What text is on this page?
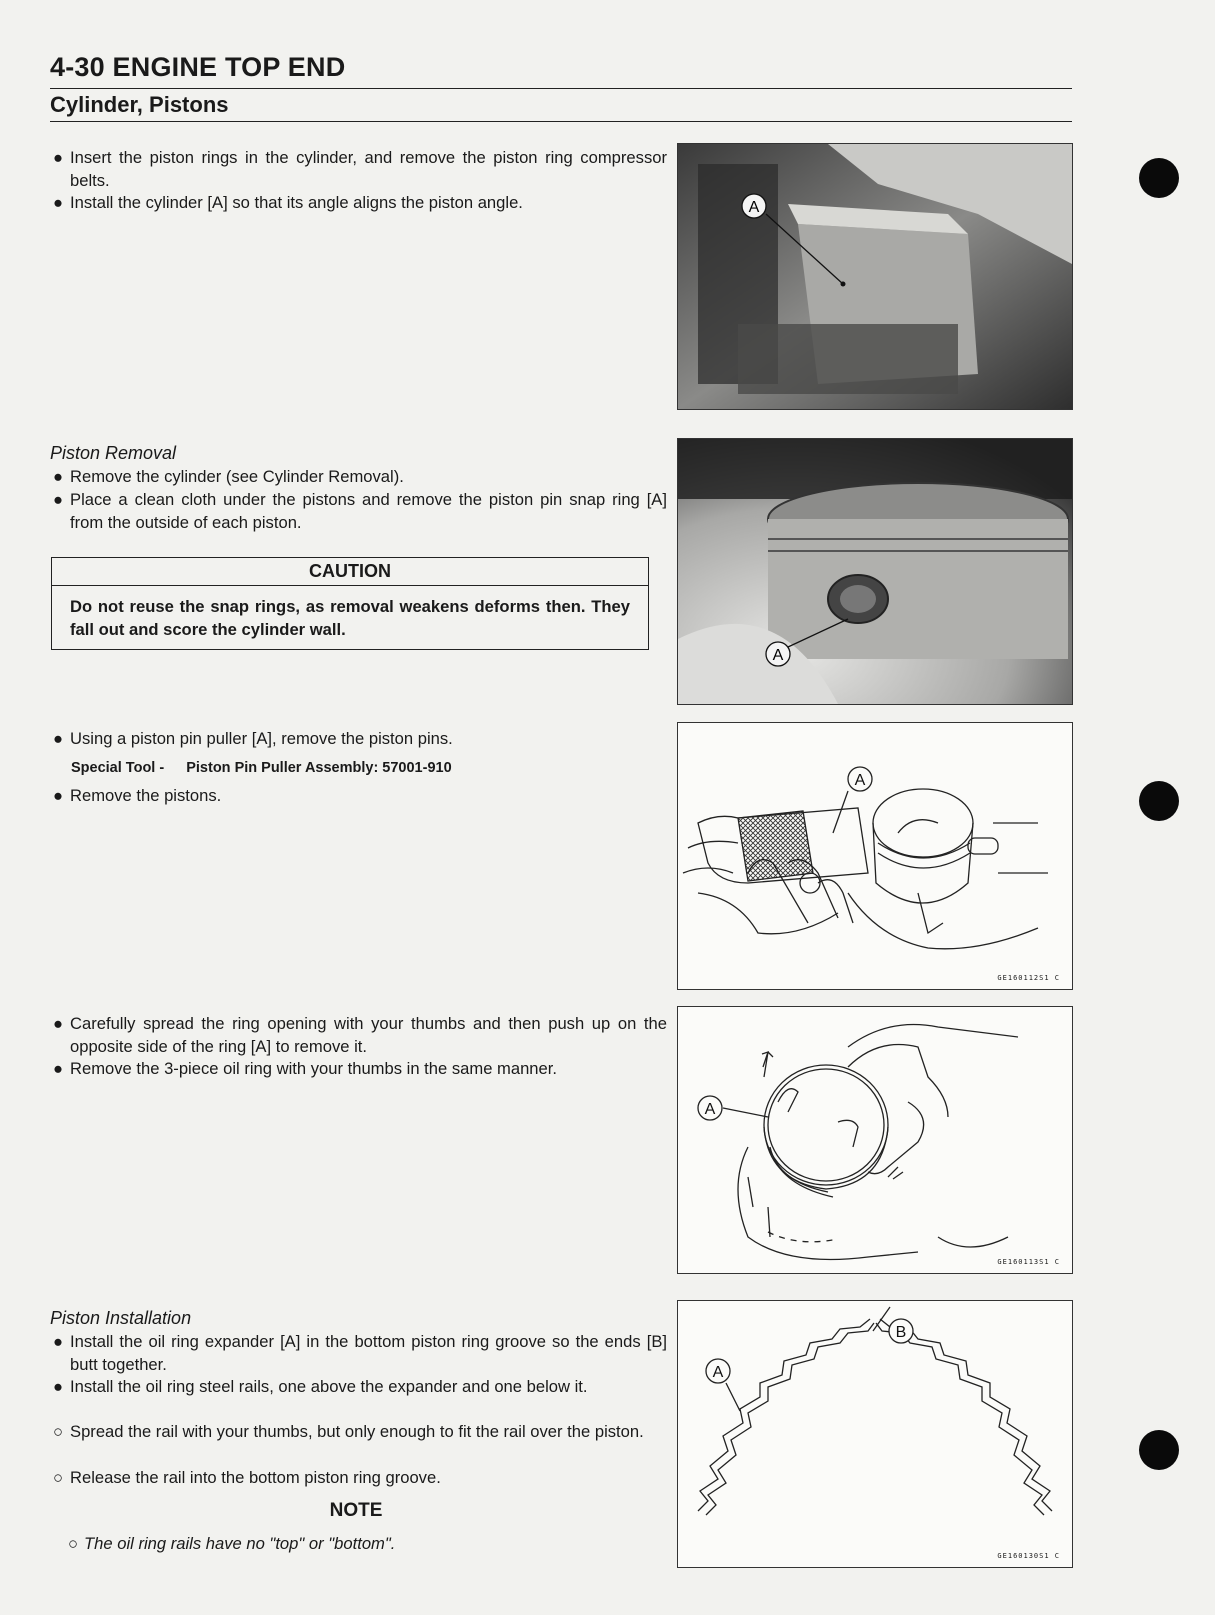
4-30 ENGINE TOP END
Cylinder, Pistons
● Insert the piston rings in the cylinder, and remove the piston ring compressor belts.
● Install the cylinder [A] so that its angle aligns the piston angle.
Piston Removal
● Remove the cylinder (see Cylinder Removal).
● Place a clean cloth under the pistons and remove the piston pin snap ring [A] from the outside of each piston.
CAUTION
Do not reuse the snap rings, as removal weakens deforms then. They fall out and score the cylinder wall.
● Using a piston pin puller [A], remove the piston pins.
Special Tool - Piston Pin Puller Assembly: 57001-910
● Remove the pistons.
● Carefully spread the ring opening with your thumbs and then push up on the opposite side of the ring [A] to remove it.
● Remove the 3-piece oil ring with your thumbs in the same manner.
Piston Installation
● Install the oil ring expander [A] in the bottom piston ring groove so the ends [B] butt together.
● Install the oil ring steel rails, one above the expander and one below it.
○ Spread the rail with your thumbs, but only enough to fit the rail over the piston.
○ Release the rail into the bottom piston ring groove.
NOTE
○ The oil ring rails have no "top" or "bottom".
A
A
A
GE160112S1 C
A
GE160113S1 C
A
B
GE160130S1 C
